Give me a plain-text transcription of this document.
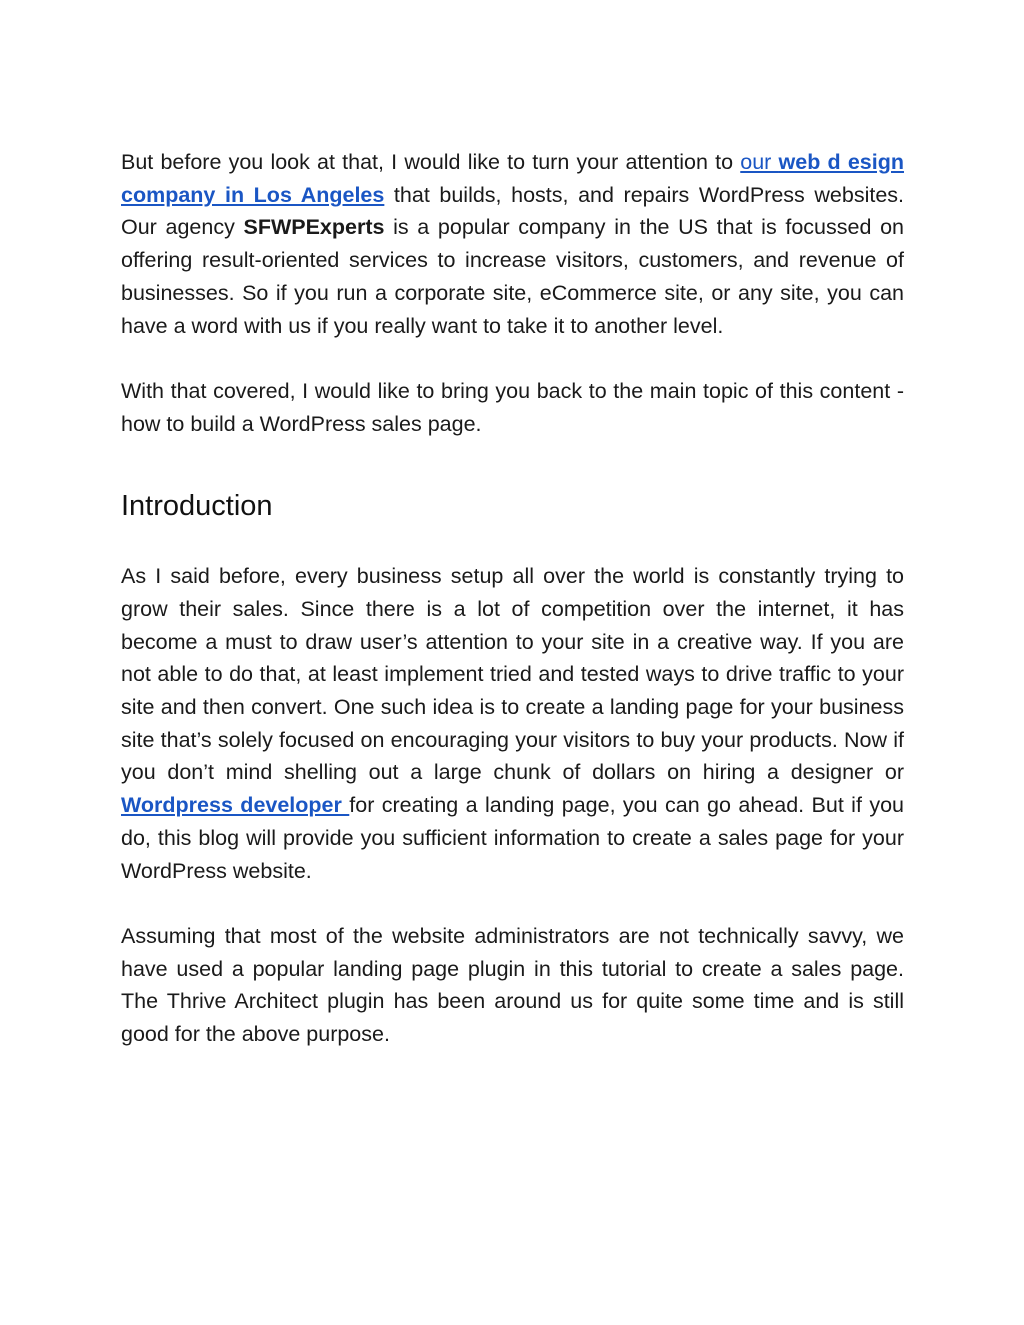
But before you look at that, I would like to turn your attention to our web d esign company in Los Angeles that builds, hosts, and repairs WordPress websites. Our agency SFWPExperts is a popular company in the US that is focussed on offering result-oriented services to increase visitors, customers, and revenue of businesses. So if you run a corporate site, eCommerce site, or any site, you can have a word with us if you really want to take it to another level.

With that covered, I would like to bring you back to the main topic of this content - how to build a WordPress sales page.

Introduction

As I said before, every business setup all over the world is constantly trying to grow their sales. Since there is a lot of competition over the internet, it has become a must to draw user’s attention to your site in a creative way. If you are not able to do that, at least implement tried and tested ways to drive traffic to your site and then convert. One such idea is to create a landing page for your business site that’s solely focused on encouraging your visitors to buy your products. Now if you don’t mind shelling out a large chunk of dollars on hiring a designer or Wordpress developer for creating a landing page, you can go ahead. But if you do, this blog will provide you sufficient information to create a sales page for your WordPress website.

Assuming that most of the website administrators are not technically savvy, we have used a popular landing page plugin in this tutorial to create a sales page. The Thrive Architect plugin has been around us for quite some time and is still good for the above purpose.
